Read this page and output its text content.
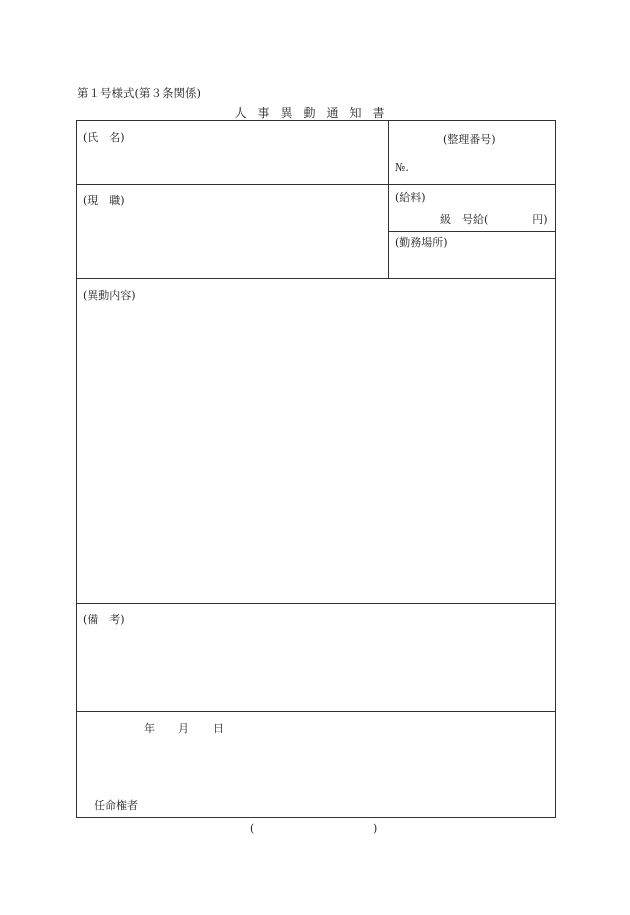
第１号様式(第３条関係)
人事異動通知書
(氏　名)	(整理番号)
№.
(現　職)	(給料)
級　号給(　　　　円)
(勤務場所)
(異動内容)
(備　考)
年 月 日
任命権者
(	)
